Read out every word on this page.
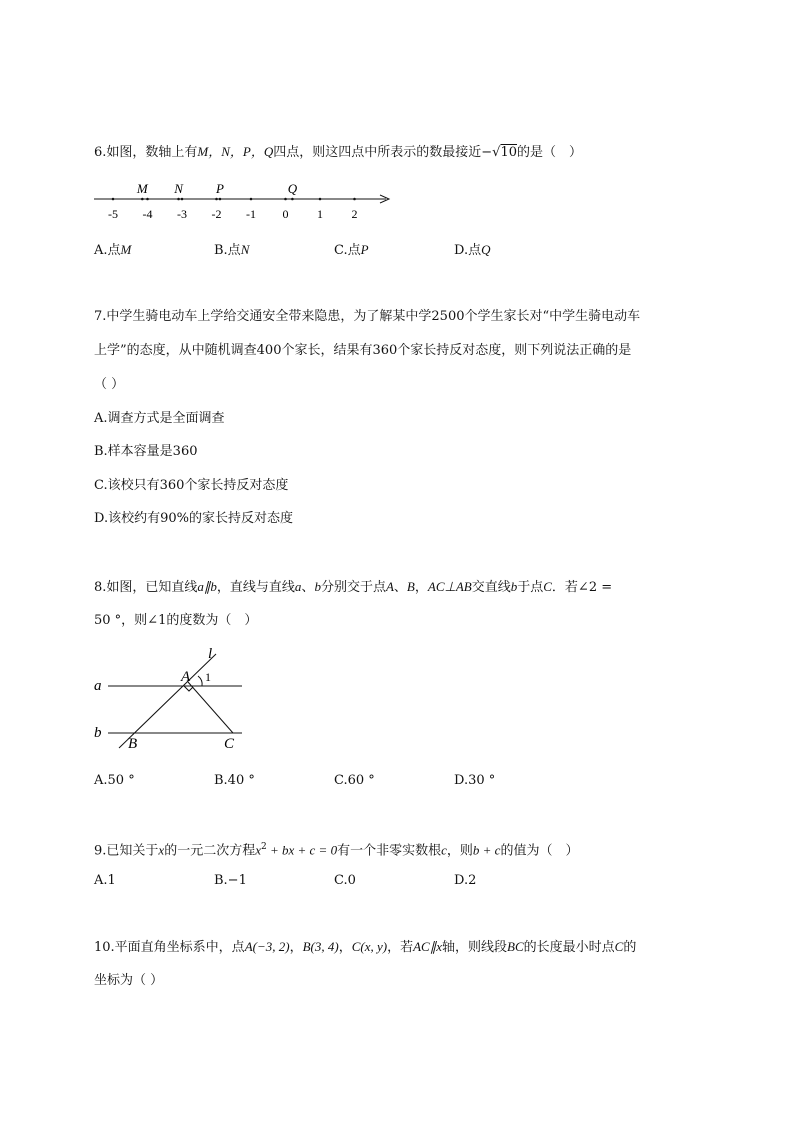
6.如图，数轴上有M，N，P，Q四点，则这四点中所表示的数最接近−√10的是（　）
-5 -4 -3 -2 -1 0 1 2
M N	P	Q
A.点M	B.点N	C.点P	D.点Q
7.中学生骑电动车上学给交通安全带来隐患，为了解某中学2500个学生家长对“中学生骑电动车
上学”的态度，从中随机调查400个家长，结果有360个家长持反对态度，则下列说法正确的是
（ ）
A.调查方式是全面调查
B.样本容量是360
C.该校只有360个家长持反对态度
D.该校约有90%的家长持反对态度
8.如图，已知直线a∥b，直线与直线a、b分别交于点A、B，AC⊥AB交直线b于点C．若∠2 =
50 °，则∠1的度数为（　）
a
b
l
A
B	C
1
A.50 °	B.40 °	C.60 °	D.30 °
9.已知关于x的一元二次方程$x^2$ + bx + c = 0有一个非零实数根c，则b + c的值为（　）
A.1	B.−1	C.0	D.2
10.平面直角坐标系中，点A(−3, 2)，B(3, 4)，C(x, y)，若AC∥x轴，则线段BC的长度最小时点C的
坐标为（ ）
